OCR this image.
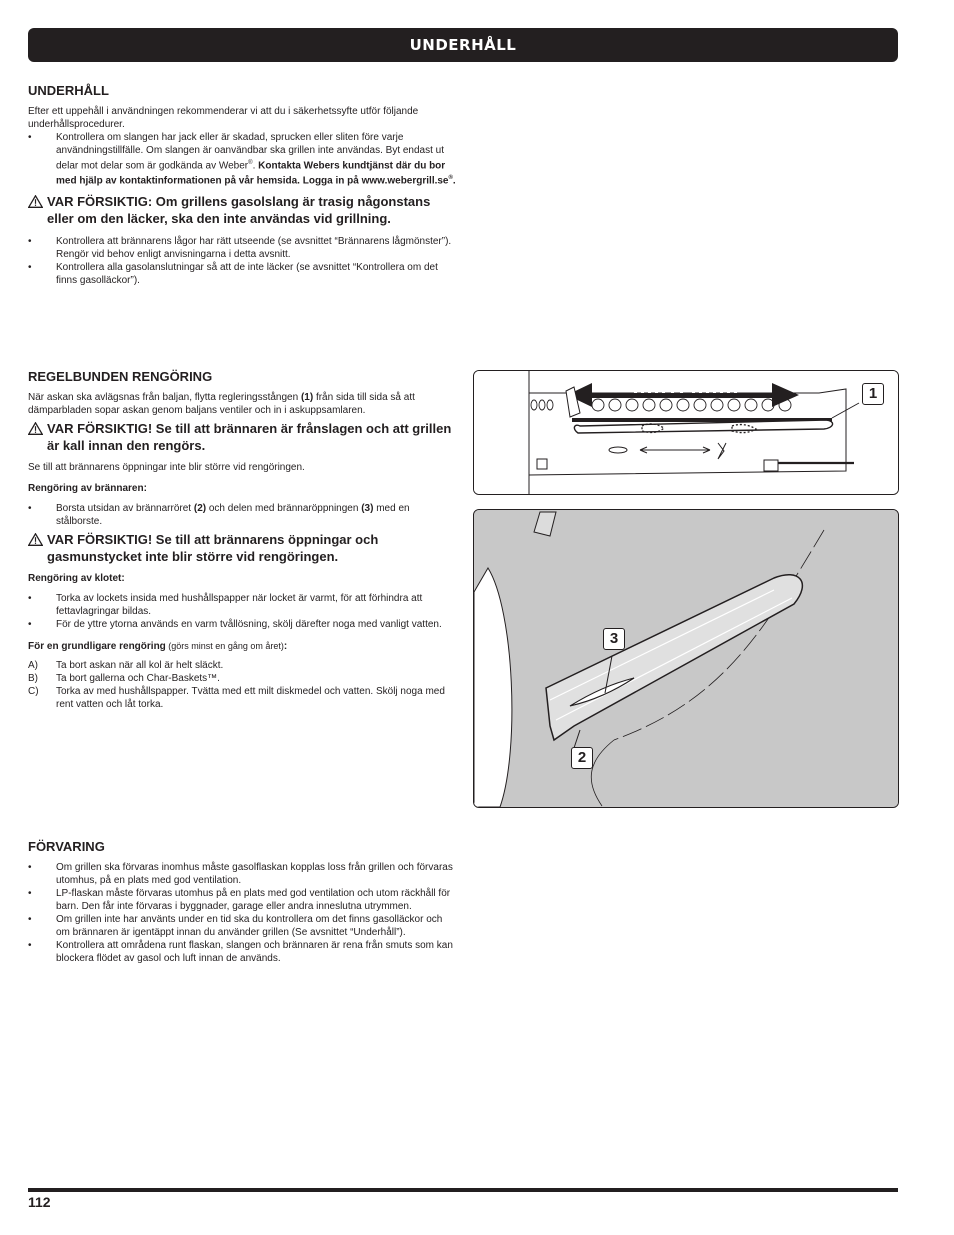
UNDERHÅLL
UNDERHÅLL

Efter ett uppehåll i användningen rekommenderar vi att du i säkerhetssyfte utför följande underhållsprocedurer.

• Kontrollera om slangen har jack eller är skadad, sprucken eller sliten före varje användningstillfälle. Om slangen är oanvändbar ska grillen inte användas. Byt endast ut delar mot delar som är godkända av Weber®. Kontakta Webers kundtjänst där du bor med hjälp av kontaktinformationen på vår hemsida. Logga in på www.webergrill.se®.
VAR FÖRSIKTIG: Om grillens gasolslang är trasig någonstans eller om den läcker, ska den inte användas vid grillning.
• Kontrollera att brännarens lågor har rätt utseende (se avsnittet “Brännarens lågmönster”). Rengör vid behov enligt anvisningarna i detta avsnitt.
• Kontrollera alla gasolanslutningar så att de inte läcker (se avsnittet “Kontrollera om det finns gasolläckor”).
REGELBUNDEN RENGÖRING

När askan ska avlägsnas från baljan, flytta regleringsstången (1) från sida till sida så att dämparbladen sopar askan genom baljans ventiler och in i askuppsamlaren.

VAR FÖRSIKTIG! Se till att brännaren är frånslagen och att grillen är kall innan den rengörs.

Se till att brännarens öppningar inte blir större vid rengöringen.

Rengöring av brännaren:

• Borsta utsidan av brännarröret (2) och delen med brännaröppningen (3) med en stålborste.
VAR FÖRSIKTIG! Se till att brännarens öppningar och gasmunstycket inte blir större vid rengöringen.

Rengöring av klotet:

• Torka av lockets insida med hushållspapper när locket är varmt, för att förhindra att fettavlagringar bildas.
• För de yttre ytorna används en varm tvållösning, skölj därefter noga med vanligt vatten.

För en grundligare rengöring (görs minst en gång om året):

A) Ta bort askan när all kol är helt släckt.
B) Ta bort gallerna och Char-Baskets™.
C) Torka av med hushållspapper. Tvätta med ett milt diskmedel och vatten. Skölj noga med rent vatten och låt torka.
FÖRVARING
• Om grillen ska förvaras inomhus måste gasolflaskan kopplas loss från grillen och förvaras utomhus, på en plats med god ventilation.
• LP-flaskan måste förvaras utomhus på en plats med god ventilation och utom räckhåll för barn. Den får inte förvaras i byggnader, garage eller andra inneslutna utrymmen.
• Om grillen inte har använts under en tid ska du kontrollera om det finns gasolläckor och om brännaren är igentäppt innan du använder grillen (Se avsnittet “Underhåll”).
• Kontrollera att områdena runt flaskan, slangen och brännaren är rena från smuts som kan blockera flödet av gasol och luft innan de används.
1
3
2
112
